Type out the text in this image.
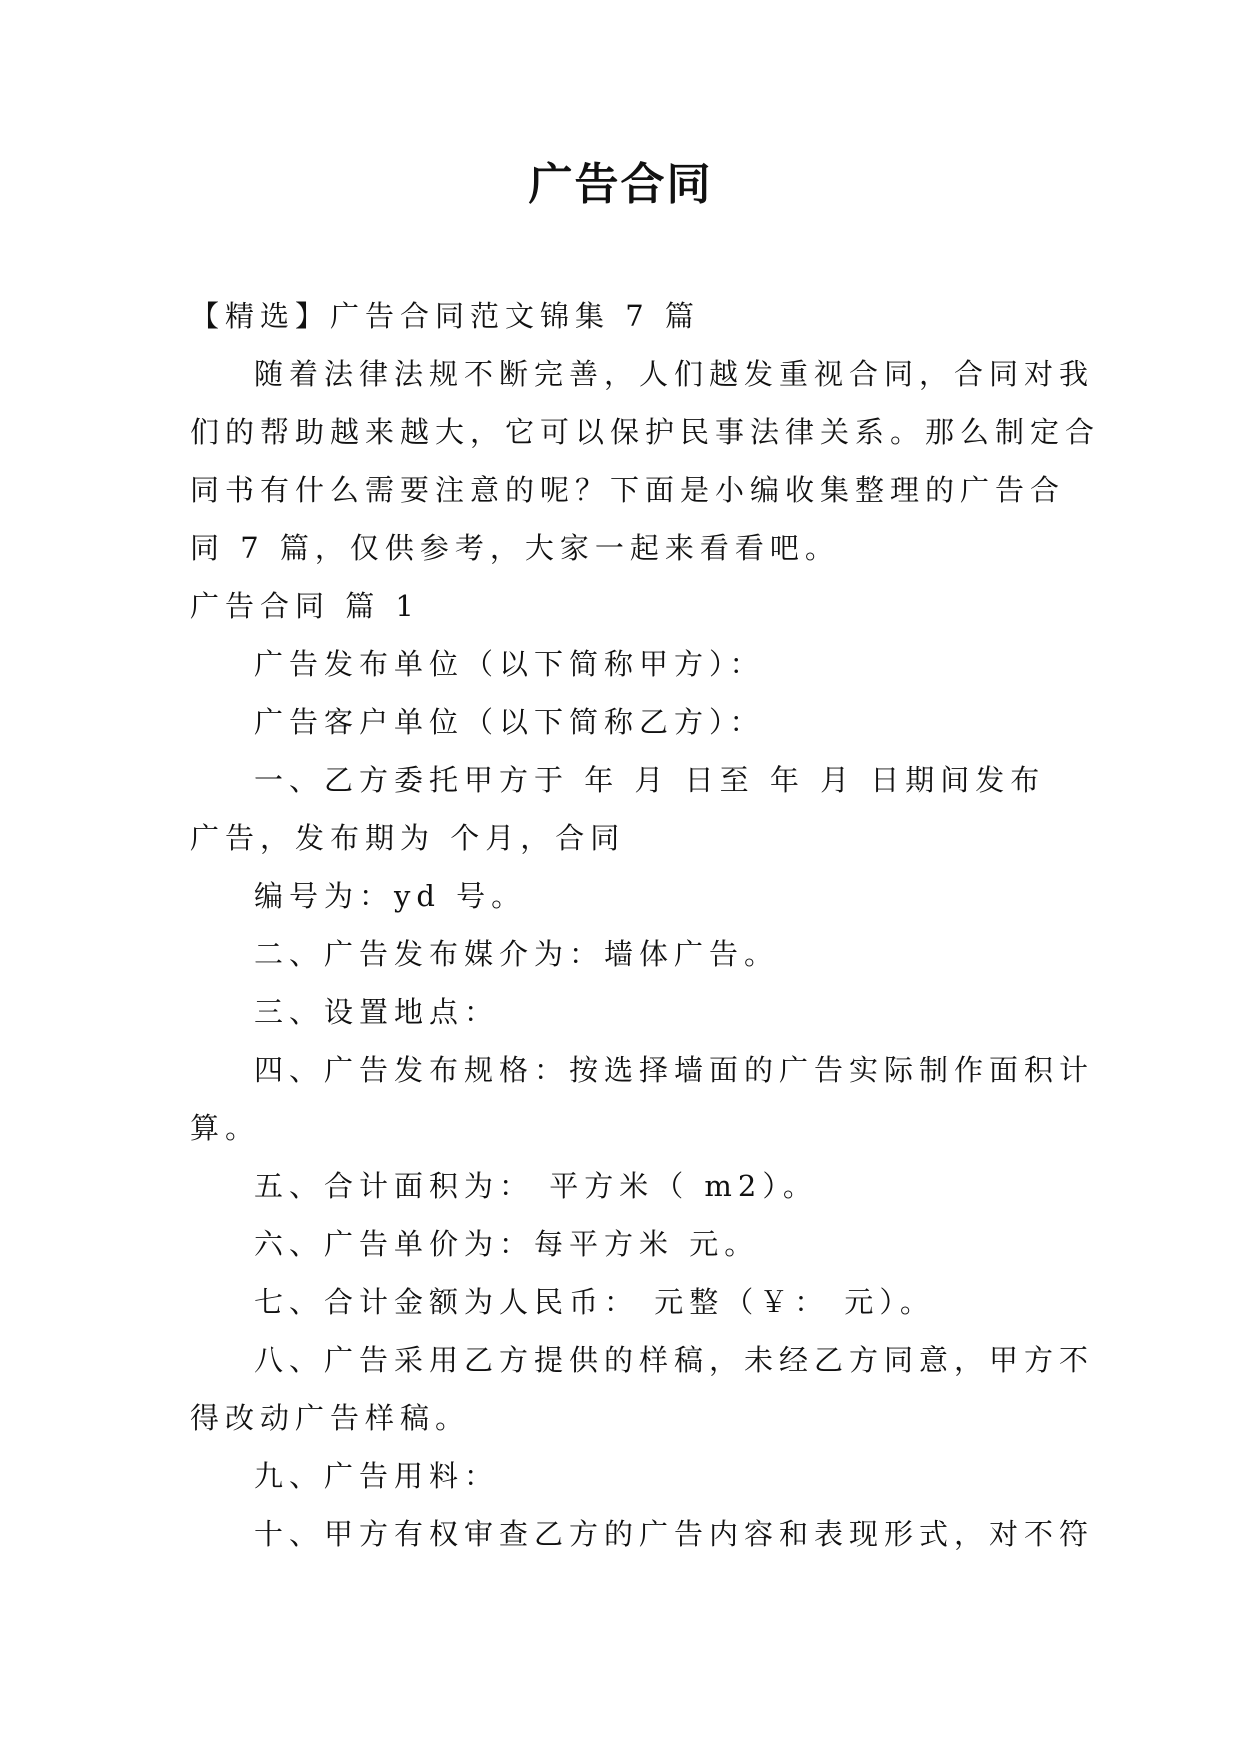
广告合同
【精选】广告合同范文锦集 7 篇
随着法律法规不断完善，人们越发重视合同，合同对我
们的帮助越来越大，它可以保护民事法律关系。那么制定合
同书有什么需要注意的呢？下面是小编收集整理的广告合
同 7 篇，仅供参考，大家一起来看看吧。
广告合同 篇 1
广告发布单位（以下简称甲方）：
广告客户单位（以下简称乙方）：
一、乙方委托甲方于 年 月 日至 年 月 日期间发布
广告，发布期为 个月，合同
编号为：yd 号。
二、广告发布媒介为：墙体广告。
三、设置地点：
四、广告发布规格：按选择墙面的广告实际制作面积计
算。
五、合计面积为： 平方米（ m2）。
六、广告单价为：每平方米 元。
七、合计金额为人民币： 元整（￥： 元）。
八、广告采用乙方提供的样稿，未经乙方同意，甲方不
得改动广告样稿。
九、广告用料：
十、甲方有权审查乙方的广告内容和表现形式，对不符
